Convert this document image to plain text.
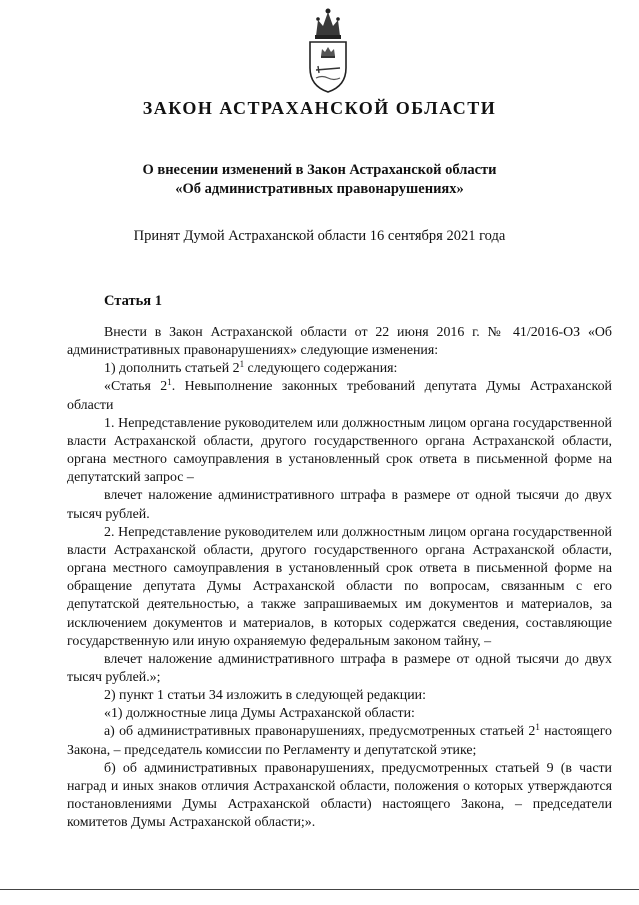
ЗАКОН АСТРАХАНСКОЙ ОБЛАСТИ
О внесении изменений в Закон Астраханской области
«Об административных правонарушениях»
Принят Думой Астраханской области 16 сентября 2021 года
Статья 1

Внести в Закон Астраханской области от 22 июня 2016 г. № 41/2016-ОЗ «Об административных правонарушениях» следующие изменения:

1) дополнить статьей $2^1$ следующего содержания:

«Статья $2^1$. Невыполнение законных требований депутата Думы Астраханской области

1. Непредставление руководителем или должностным лицом органа государственной власти Астраханской области, другого государственного органа Астраханской области, органа местного самоуправления в установленный срок ответа в письменной форме на депутатский запрос –

влечет наложение административного штрафа в размере от одной тысячи до двух тысяч рублей.

2. Непредставление руководителем или должностным лицом органа государственной власти Астраханской области, другого государственного органа Астраханской области, органа местного самоуправления в установленный срок ответа в письменной форме на обращение депутата Думы Астраханской области по вопросам, связанным с его депутатской деятельностью, а также запрашиваемых им документов и материалов, за исключением документов и материалов, в которых содержатся сведения, составляющие государственную или иную охраняемую федеральным законом тайну, –

влечет наложение административного штрафа в размере от одной тысячи до двух тысяч рублей.»;

2) пункт 1 статьи 34 изложить в следующей редакции:

«1) должностные лица Думы Астраханской области:

а) об административных правонарушениях, предусмотренных статьей $2^1$ настоящего Закона, – председатель комиссии по Регламенту и депутатской этике;

б) об административных правонарушениях, предусмотренных статьей 9 (в части наград и иных знаков отличия Астраханской области, положения о которых утверждаются постановлениями Думы Астраханской области) настоящего Закона, – председатели комитетов Думы Астраханской области;».
